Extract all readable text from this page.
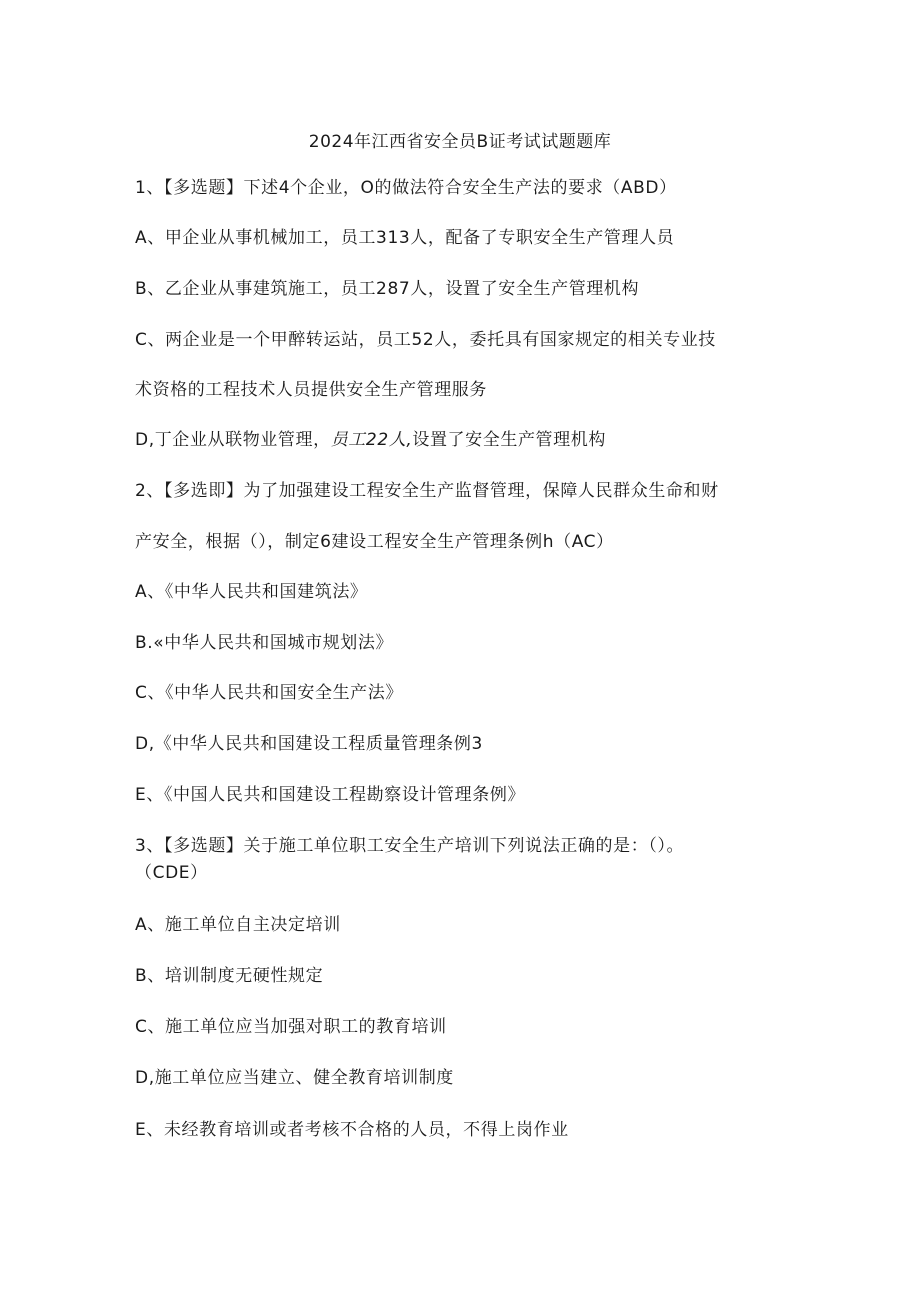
2024年江西省安全员B证考试试题题库
1、【多选题】下述4个企业，O的做法符合安全生产法的要求（ABD）
A、甲企业从事机械加工，员工313人，配备了专职安全生产管理人员
B、乙企业从事建筑施工，员工287人，设置了安全生产管理机构
C、两企业是一个甲醉转运站，员工52人，委托具有国家规定的相关专业技
术资格的工程技术人员提供安全生产管理服务
D,丁企业从联物业管理，员工22人,设置了安全生产管理机构
2、【多选即】为了加强建设工程安全生产监督管理，保障人民群众生命和财
产安全，根据（），制定6建设工程安全生产管理条例h（AC）
A、《中华人民共和国建筑法》
B.«中华人民共和国城市规划法》
C、《中华人民共和国安全生产法》
D,《中华人民共和国建设工程质量管理条例3
E、《中国人民共和国建设工程勘察设计管理条例》
3、【多选题】关于施工单位职工安全生产培训下列说法正确的是：（）。
（CDE）
A、施工单位自主决定培训
B、培训制度无硬性规定
C、施工单位应当加强对职工的教育培训
D,施工单位应当建立、健全教育培训制度
E、未经教育培训或者考核不合格的人员，不得上岗作业
